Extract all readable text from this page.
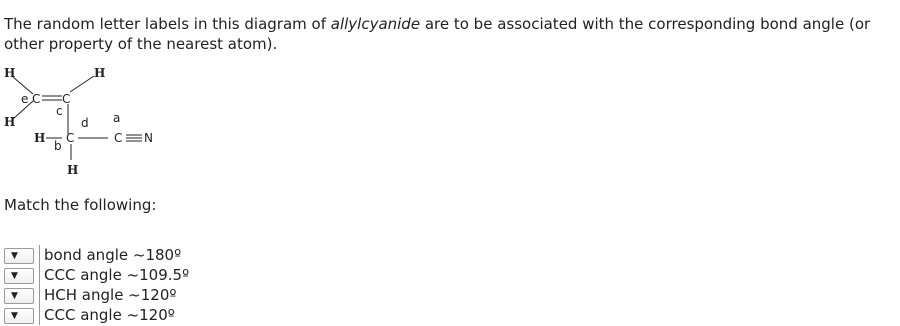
The random letter labels in this diagram of allylcyanide are to be associated with the corresponding bond angle (or other property of the nearest atom).
H	H
H
C C
H C	C N
H
e
c
d a
b
Match the following:
▼ bond angle ~180º
▼ CCC angle ~109.5º
▼ HCH angle ~120º
▼ CCC angle ~120º
